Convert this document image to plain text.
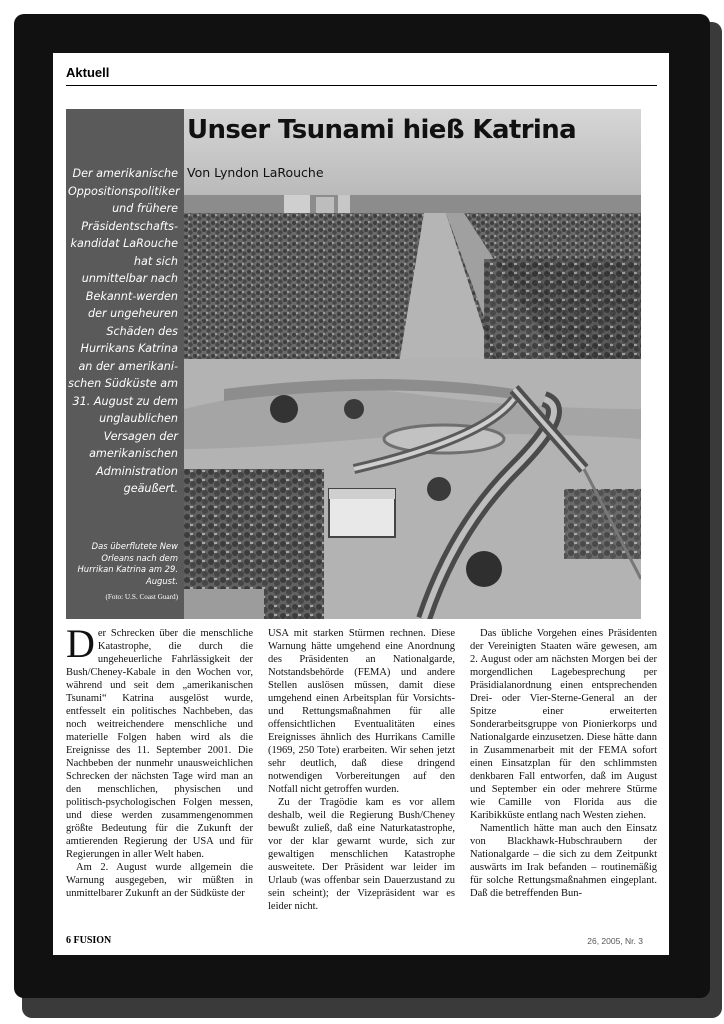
Aktuell
Der amerikanische Oppositionspolitiker und frühere Präsidentschafts-kandidat LaRouche hat sich unmittelbar nach Bekannt-werden der ungeheuren Schäden des Hurrikans Katrina an der amerikani-schen Südküste am 31. August zu dem unglaublichen Versagen der amerikanischen Administration geäußert.
Das überflutete New Orleans nach dem Hurrikan Katrina am 29. August.
(Foto: U.S. Coast Guard)
Unser Tsunami hieß Katrina
Von Lyndon LaRouche

Der Schrecken über die menschliche Katastrophe, die durch die ungeheuerliche Fahrlässigkeit der Bush/Cheney-Kabale in den Wochen vor, während und seit dem „amerikanischen Tsunami“ Katrina ausgelöst wurde, entfesselt ein politisches Nachbeben, das noch weitreichendere menschliche und materielle Folgen haben wird als die Ereignisse des 11. September 2001. Die Nachbeben der nunmehr unausweichlichen Schrecken der nächsten Tage wird man an den menschlichen, physischen und politisch-psychologischen Folgen messen, und diese werden zusammengenommen größte Bedeutung für die Zukunft der amtierenden Regierung der USA und für Regierungen in aller Welt haben.

Am 2. August wurde allgemein die Warnung ausgegeben, wir müßten in unmittelbarer Zukunft an der Südküste der

USA mit starken Stürmen rechnen. Diese Warnung hätte umgehend eine Anordnung des Präsidenten an Nationalgarde, Notstandsbehörde (FEMA) und andere Stellen auslösen müssen, damit diese umgehend einen Arbeitsplan für Vorsichts- und Rettungsmaßnahmen für alle offensichtlichen Eventualitäten eines Ereignisses ähnlich des Hurrikans Camille (1969, 250 Tote) erarbeiten. Wir sehen jetzt sehr deutlich, daß diese dringend notwendigen Vorbereitungen auf den Notfall nicht getroffen wurden.

Zu der Tragödie kam es vor allem deshalb, weil die Regierung Bush/Cheney bewußt zuließ, daß eine Naturkatastrophe, vor der klar gewarnt wurde, sich zur gewaltigen menschlichen Katastrophe ausweitete. Der Präsident war leider im Urlaub (was offenbar sein Dauerzustand zu sein scheint); der Vizepräsident war es leider nicht.

Das übliche Vorgehen eines Präsidenten der Vereinigten Staaten wäre gewesen, am 2. August oder am nächsten Morgen bei der morgendlichen Lagebesprechung per Präsidialanordnung einen entsprechenden Drei- oder Vier-Sterne-General an der Spitze einer erweiterten Sonderarbeitsgruppe von Pionierkorps und Nationalgarde einzusetzen. Diese hätte dann in Zusammenarbeit mit der FEMA sofort einen Einsatzplan für den schlimmsten denkbaren Fall entworfen, daß im August und September ein oder mehrere Stürme wie Camille von Florida aus die Karibikküste entlang nach Westen ziehen.

Namentlich hätte man auch den Einsatz von Blackhawk-Hubschraubern der Nationalgarde – die sich zu dem Zeitpunkt auswärts im Irak befanden – routinemäßig für solche Rettungsmaßnahmen eingeplant. Daß die betreffenden Bun-

6 FUSION	26, 2005, Nr. 3
